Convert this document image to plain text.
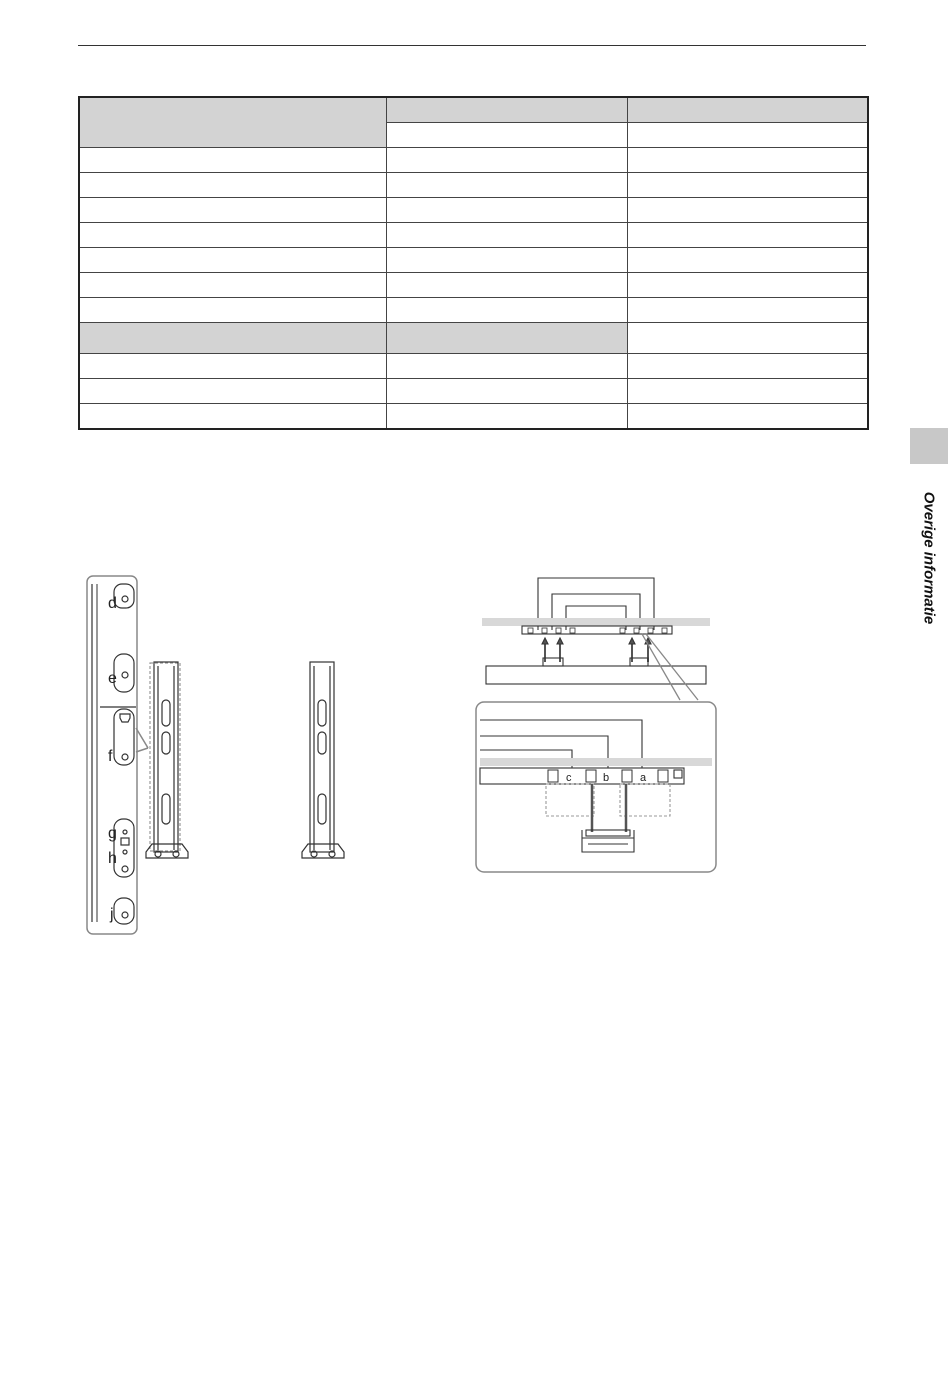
Overige informatie
d
e
f
g
h
j
c	b	a
